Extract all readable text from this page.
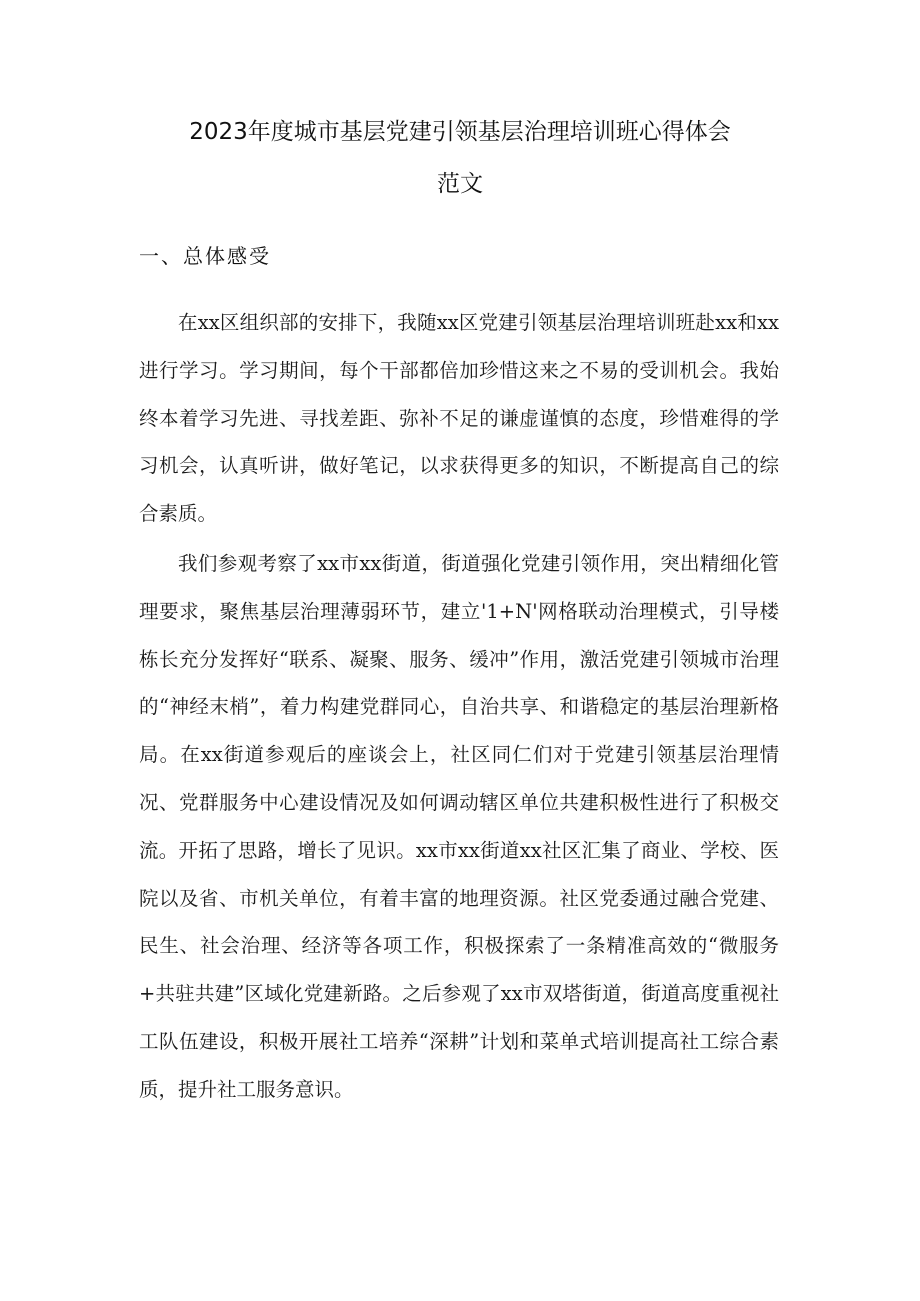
2023年度城市基层党建引领基层治理培训班心得体会
范文
一、总体感受

在xx区组织部的安排下，我随xx区党建引领基层治理培训班赴xx和xx进行学习。学习期间，每个干部都倍加珍惜这来之不易的受训机会。我始终本着学习先进、寻找差距、弥补不足的谦虚谨慎的态度，珍惜难得的学习机会，认真听讲，做好笔记，以求获得更多的知识，不断提高自己的综合素质。

我们参观考察了xx市xx街道，街道强化党建引领作用，突出精细化管理要求，聚焦基层治理薄弱环节，建立'1+N'网格联动治理模式，引导楼栋长充分发挥好“联系、凝聚、服务、缓冲”作用，激活党建引领城市治理的“神经末梢”，着力构建党群同心，自治共享、和谐稳定的基层治理新格局。在xx街道参观后的座谈会上，社区同仁们对于党建引领基层治理情况、党群服务中心建设情况及如何调动辖区单位共建积极性进行了积极交流。开拓了思路，增长了见识。xx市xx街道xx社区汇集了商业、学校、医院以及省、市机关单位，有着丰富的地理资源。社区党委通过融合党建、民生、社会治理、经济等各项工作，积极探索了一条精准高效的“微服务+共驻共建”区域化党建新路。之后参观了xx市双塔街道，街道高度重视社工队伍建设，积极开展社工培养“深耕”计划和菜单式培训提高社工综合素质，提升社工服务意识。
